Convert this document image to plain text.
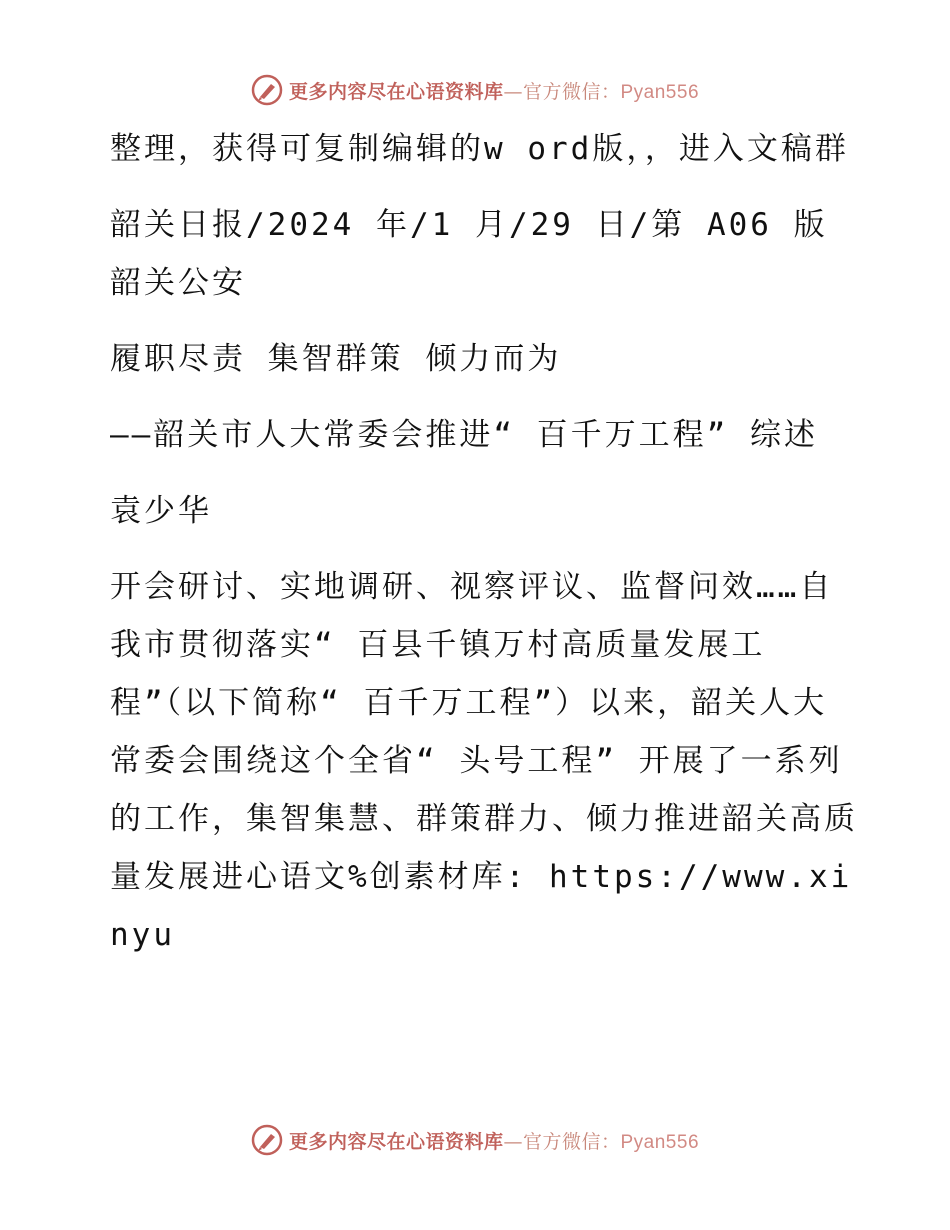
更多内容尽在心语资料库—官方微信：Pyan556

整理，获得可复制编辑的w ord版，，进入文稿群

韶关日报/2024 年/1 月/29 日/第 A06 版韶关公安

履职尽责 集智群策 倾力而为

——韶关市人大常委会推进“ 百千万工程” 综述

袁少华

开会研讨、实地调研、视察评议、监督问效……自我市贯彻落实“ 百县千镇万村高质量发展工程”（以下简称“ 百千万工程”）以来，韶关人大常委会围绕这个全省“ 头号工程” 开展了一系列的工作，集智集慧、群策群力、倾力推进韶关高质量发展进心语文%创素材库: https://www.xinyu

更多内容尽在心语资料库—官方微信：Pyan556
